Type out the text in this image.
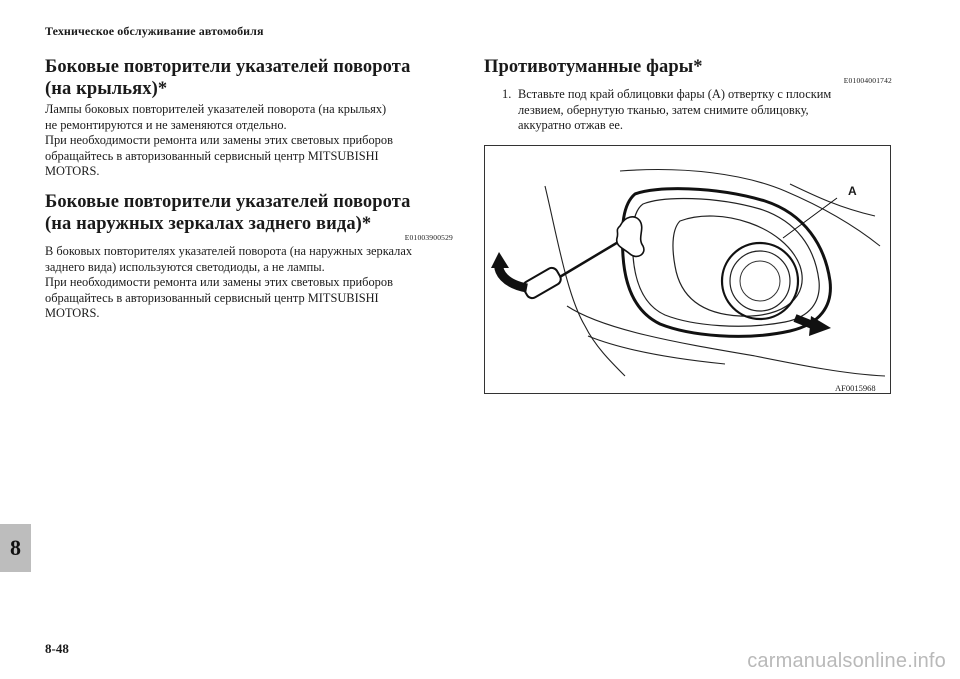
Техническое обслуживание автомобиля
Боковые повторители указателей поворота
(на крыльях)*

Лампы боковых повторителей указателей поворота (на крыльях)
не ремонтируются и не заменяются отдельно.
При необходимости ремонта или замены этих световых приборов
обращайтесь в авторизованный сервисный центр MITSUBISHI
MOTORS.

Боковые повторители указателей поворота
(на наружных зеркалах заднего вида)*
E01003900529

В боковых повторителях указателей поворота (на наружных зеркалах
заднего вида) используются светодиоды, а не лампы.
При необходимости ремонта или замены этих световых приборов
обращайтесь в авторизованный сервисный центр MITSUBISHI
MOTORS.

Противотуманные фары*
E01004001742
1. Вставьте под край облицовки фары (A) отвертку с плоским
лезвием, обернутую тканью, затем снимите облицовку,
аккуратно отжав ее.
A
AF0015968
8
8-48
carmanualsonline.info
